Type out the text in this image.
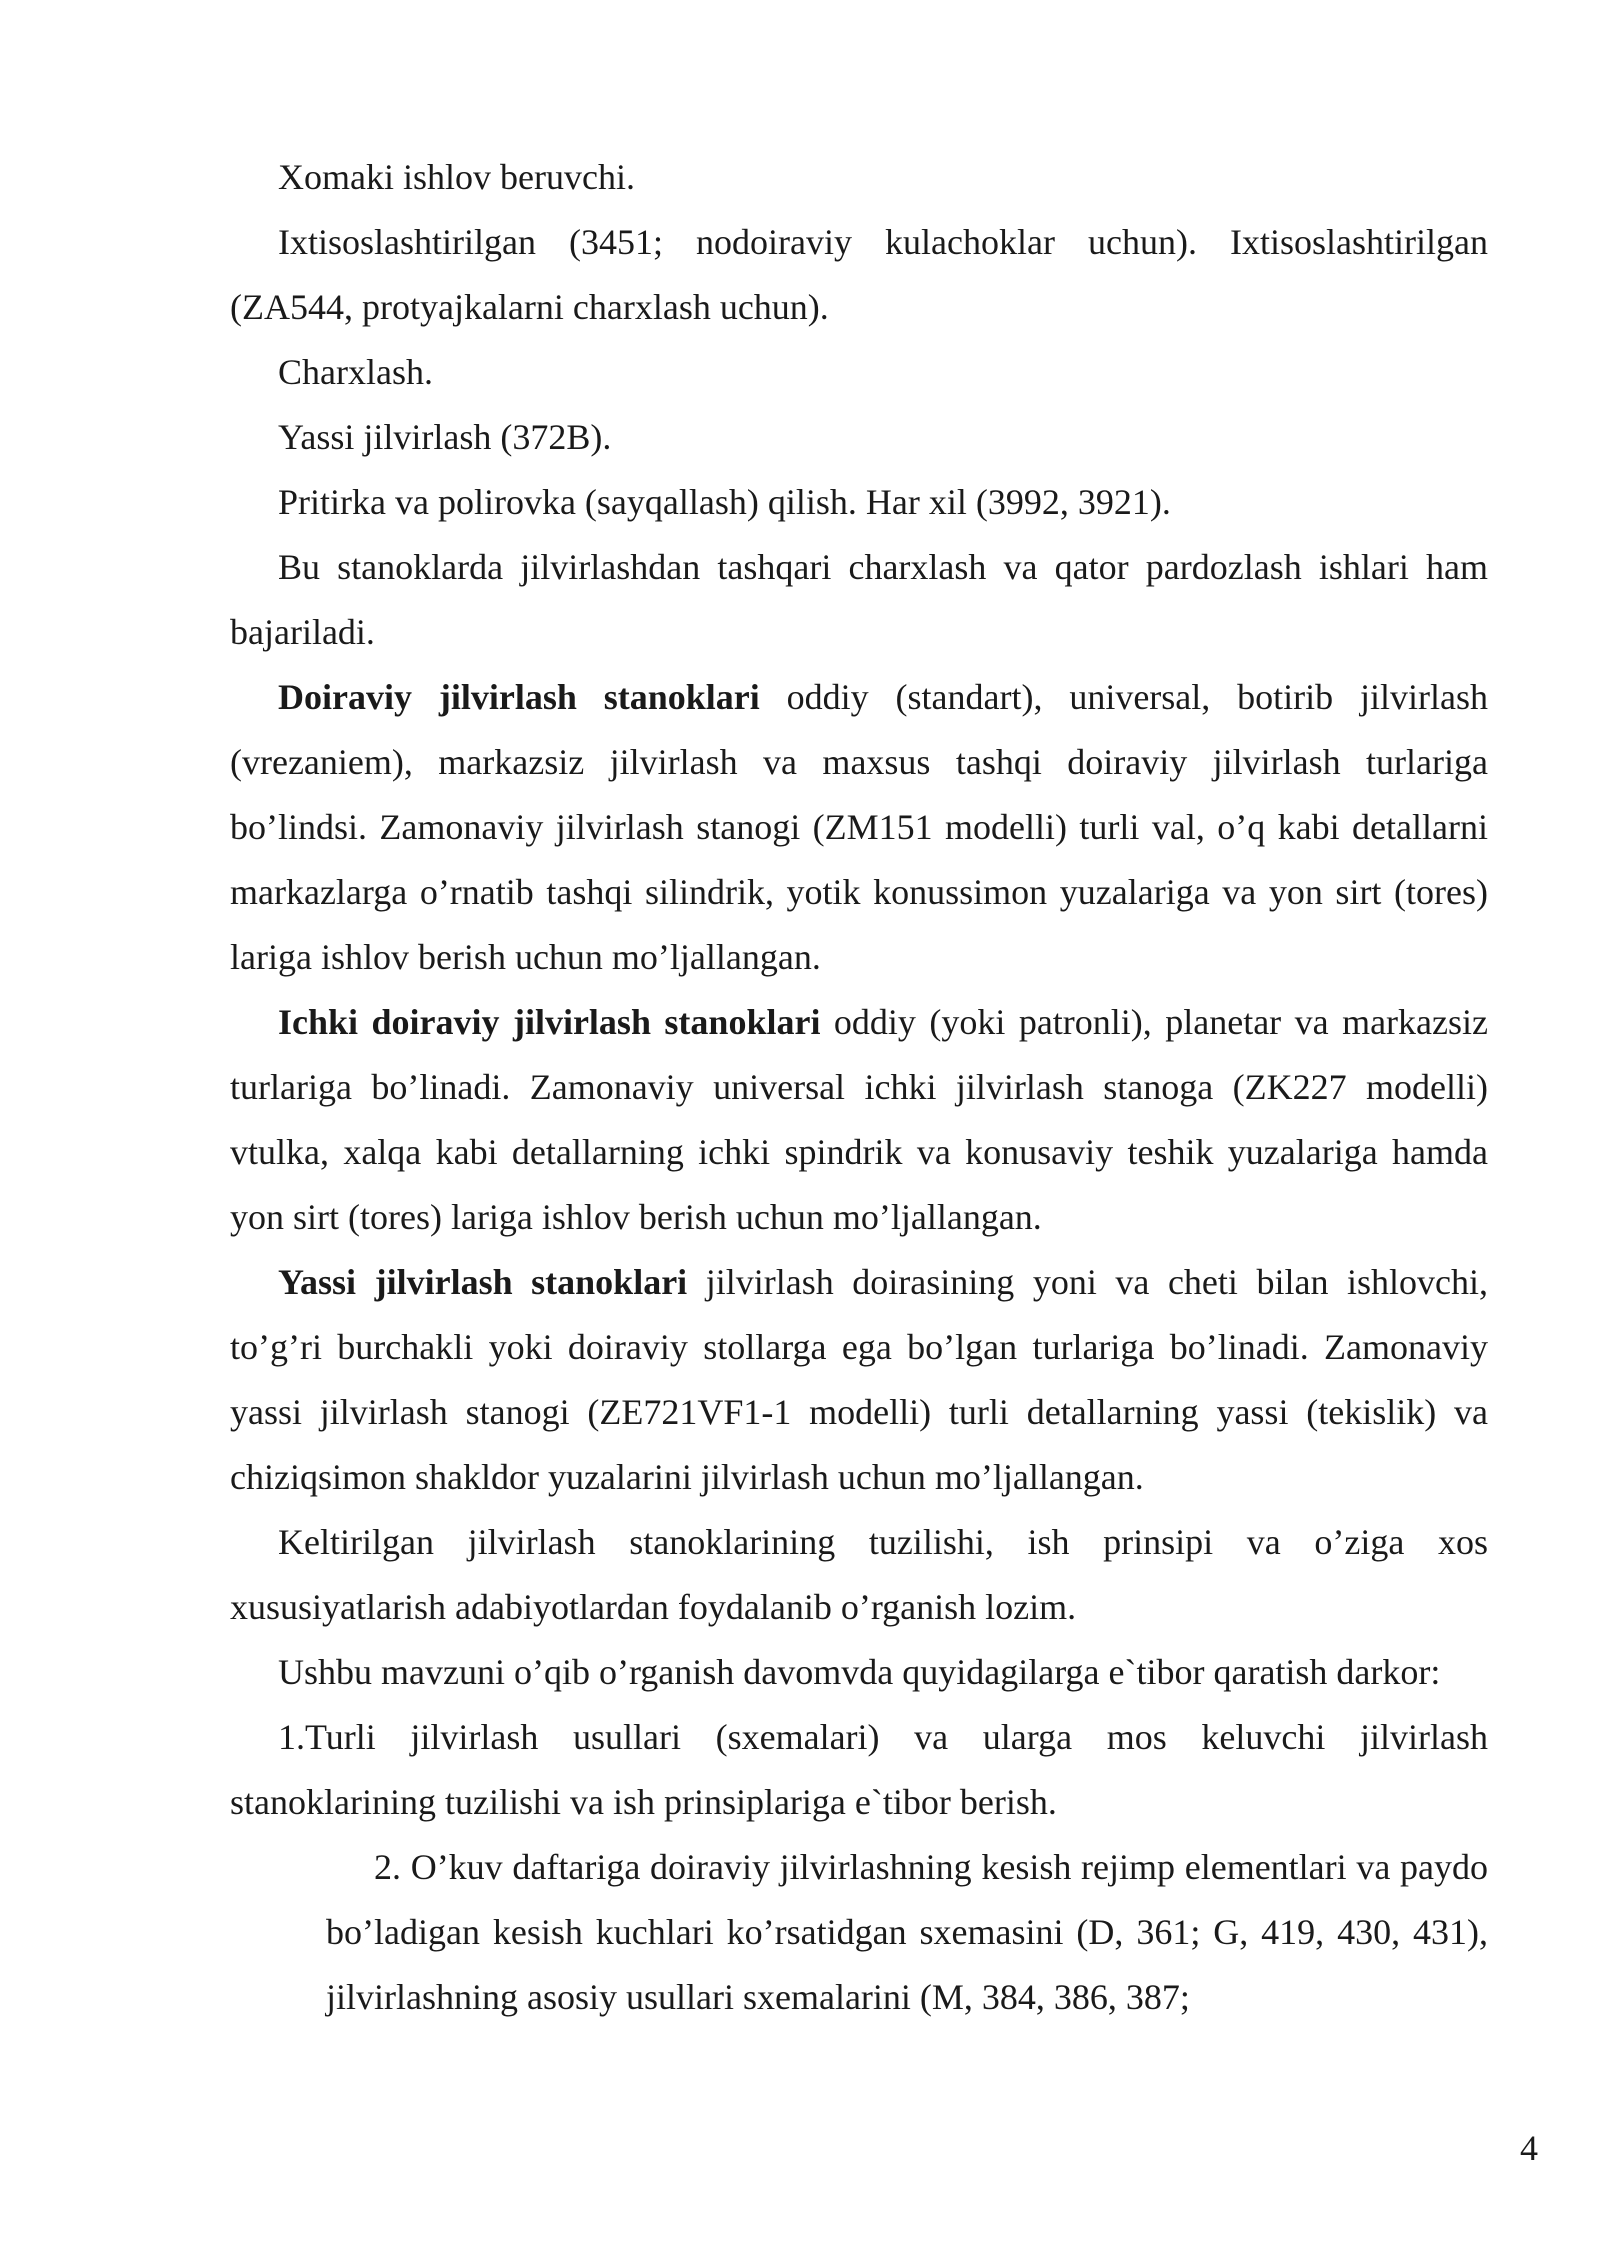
Xomaki ishlov beruvchi.

Ixtisoslashtirilgan (3451; nodoiraviy kulachoklar uchun). Ixtisoslashtirilgan (ZA544, protyajkalarni charxlash uchun).

Charxlash.

Yassi jilvirlash (372B).

Pritirka va polirovka (sayqallash) qilish. Har xil (3992, 3921).

Bu stanoklarda jilvirlashdan tashqari charxlash va qator pardozlash ishlari ham bajariladi.

Doiraviy jilvirlash stanoklari oddiy (standart), universal, botirib jilvirlash (vrezaniem), markazsiz jilvirlash va maxsus tashqi doiraviy jilvirlash turlariga bo’lindsi. Zamonaviy jilvirlash stanogi (ZM151 modelli) turli val, o’q kabi detallarni markazlarga o’rnatib tashqi silindrik, yotik konussimon yuzalariga va yon sirt (tores) lariga ishlov berish uchun mo’ljallangan.

Ichki doiraviy jilvirlash stanoklari oddiy (yoki patronli), planetar va markazsiz turlariga bo’linadi. Zamonaviy universal ichki jilvirlash stanoga (ZK227 modelli) vtulka, xalqa kabi detallarning ichki spindrik va konusaviy teshik yuzalariga hamda yon sirt (tores) lariga ishlov berish uchun mo’ljallangan.

Yassi jilvirlash stanoklari jilvirlash doirasining yoni va cheti bilan ishlovchi, to’g’ri burchakli yoki doiraviy stollarga ega bo’lgan turlariga bo’linadi. Zamonaviy yassi jilvirlash stanogi (ZE721VF1-1 modelli) turli detallarning yassi (tekislik) va chiziqsimon shakldor yuzalarini jilvirlash uchun mo’ljallangan.

Keltirilgan jilvirlash stanoklarining tuzilishi, ish prinsipi va o’ziga xos xususiyatlarish adabiyotlardan foydalanib o’rganish lozim.

Ushbu mavzuni o’qib o’rganish davomvda quyidagilarga e`tibor qaratish darkor:

1.Turli jilvirlash usullari (sxemalari) va ularga mos keluvchi jilvirlash stanoklarining tuzilishi va ish prinsiplariga e`tibor berish.

2. O’kuv daftariga doiraviy jilvirlashning kesish rejimp elementlari va paydo bo’ladigan kesish kuchlari ko’rsatidgan sxemasini (D, 361; G, 419, 430, 431), jilvirlashning asosiy usullari sxemalarini (M, 384, 386, 387;

4
